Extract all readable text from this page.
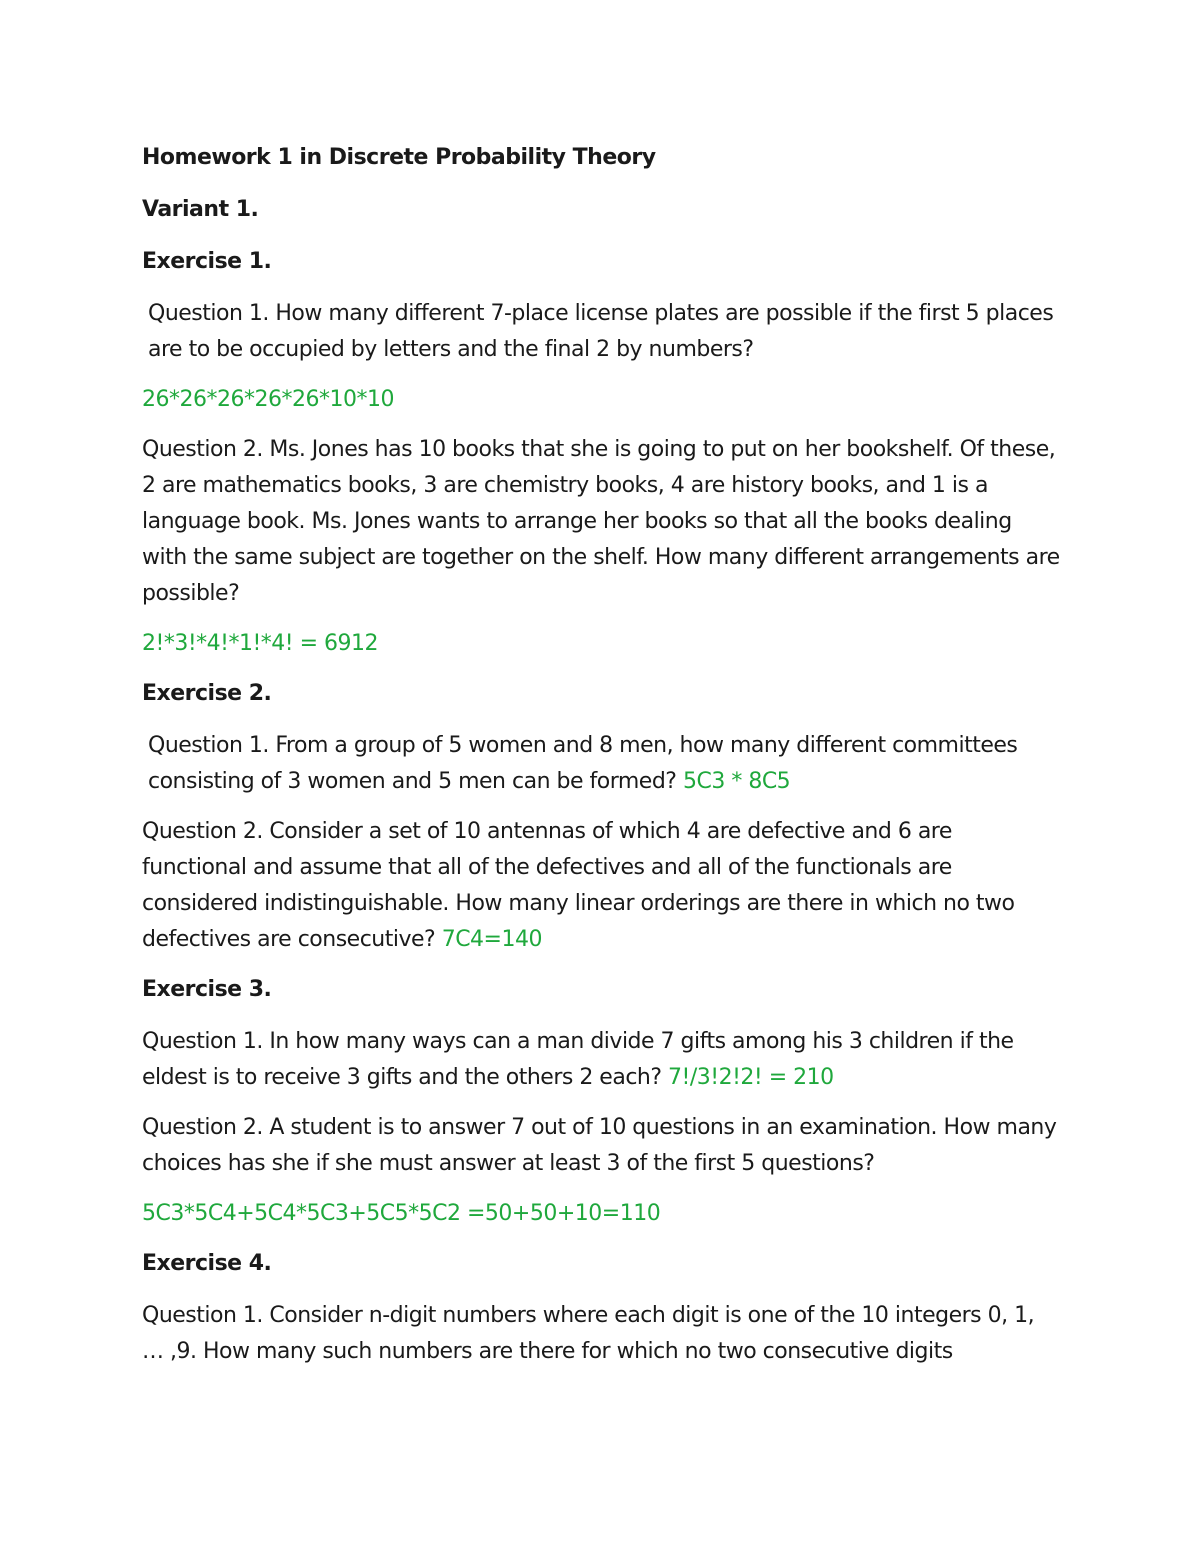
Homework 1 in Discrete Probability Theory
Variant 1.
Exercise 1.
Question 1. How many different 7-place license plates are possible if the first 5 places are to be occupied by letters and the final 2 by numbers?
26*26*26*26*26*10*10
Question 2. Ms. Jones has 10 books that she is going to put on her bookshelf. Of these, 2 are mathematics books, 3 are chemistry books, 4 are history books, and 1 is a language book. Ms. Jones wants to arrange her books so that all the books dealing with the same subject are together on the shelf. How many different arrangements are possible?
2!*3!*4!*1!*4! = 6912
Exercise 2.
Question 1. From a group of 5 women and 8 men, how many different committees consisting of 3 women and 5 men can be formed? 5C3 * 8C5
Question 2. Consider a set of 10 antennas of which 4 are defective and 6 are functional and assume that all of the defectives and all of the functionals are considered indistinguishable. How many linear orderings are there in which no two defectives are consecutive? 7C4=140
Exercise 3.
Question 1. In how many ways can a man divide 7 gifts among his 3 children if the eldest is to receive 3 gifts and the others 2 each? 7!/3!2!2! = 210
Question 2. A student is to answer 7 out of 10 questions in an examination. How many choices has she if she must answer at least 3 of the first 5 questions?
5C3*5C4+5C4*5C3+5C5*5C2 =50+50+10=110
Exercise 4.
Question 1. Consider n-digit numbers where each digit is one of the 10 integers 0, 1, … ,9. How many such numbers are there for which no two consecutive digits
